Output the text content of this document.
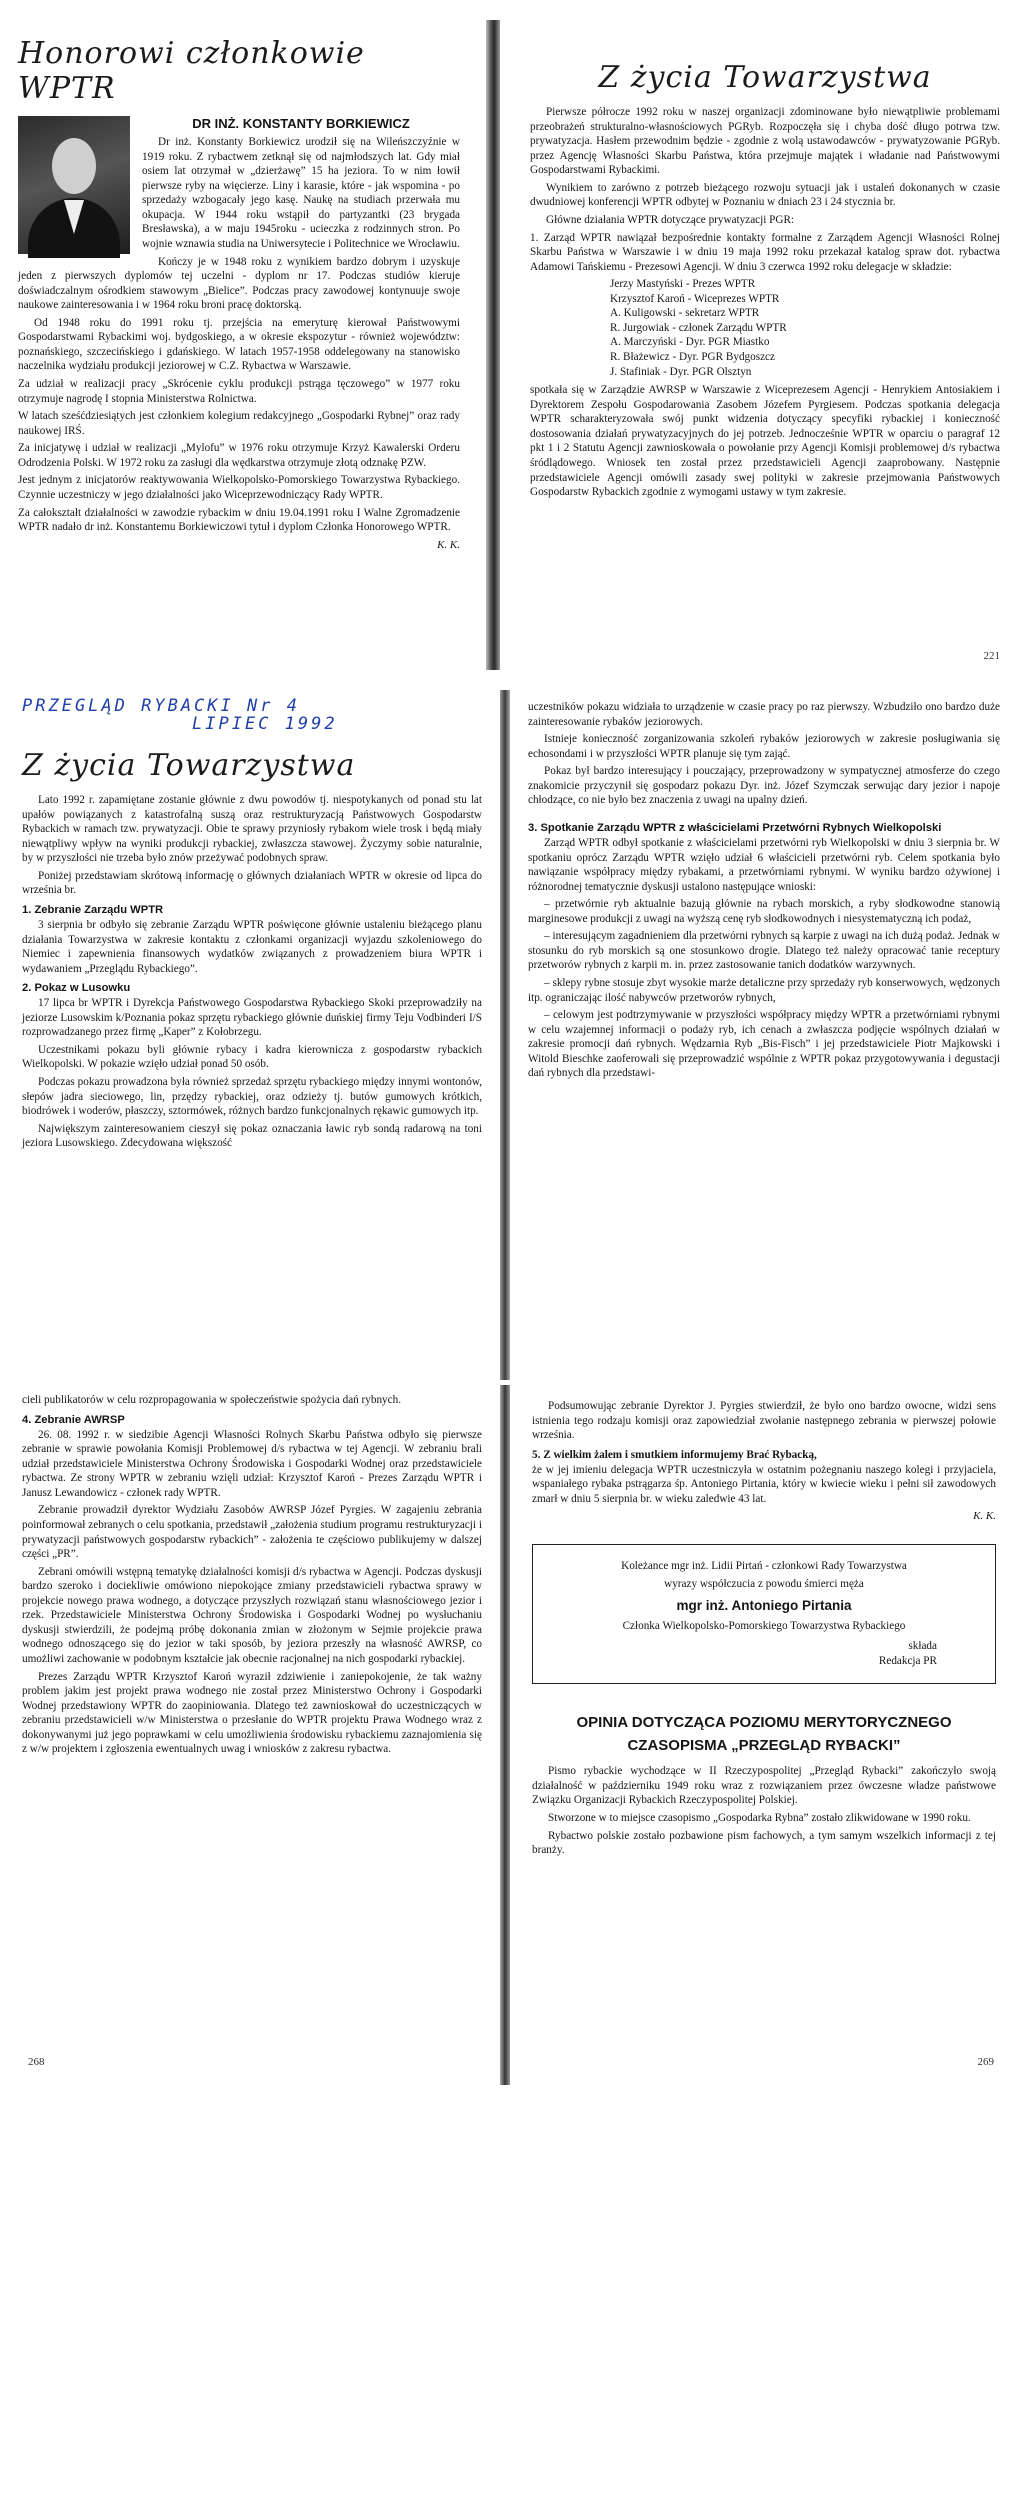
Honorowi członkowie WPTR
DR INŻ. KONSTANTY BORKIEWICZ

Dr inż. Konstanty Borkiewicz urodził się na Wileńszczyźnie w 1919 roku. Z rybactwem zetknął się od najmłodszych lat. Gdy miał osiem lat otrzymał w „dzierżawę” 15 ha jeziora. To w nim łowił pierwsze ryby na więcierze. Liny i karasie, które - jak wspomina - po sprzedaży wzbogacały jego kasę. Naukę na studiach przerwała mu okupacja. W 1944 roku wstąpił do partyzantki (23 brygada Bresławska), a w maju 1945roku - ucieczka z rodzinnych stron. Po wojnie wznawia studia na Uniwersytecie i Politechnice we Wrocławiu.

Kończy je w 1948 roku z wynikiem bardzo dobrym i uzyskuje jeden z pierwszych dyplomów tej uczelni - dyplom nr 17. Podczas studiów kieruje doświadczalnym ośrodkiem stawowym „Bielice”. Podczas pracy zawodowej kontynuuje swoje naukowe zainteresowania i w 1964 roku broni pracę doktorską.

Od 1948 roku do 1991 roku tj. przejścia na emeryturę kierował Państwowymi Gospodarstwami Rybackimi woj. bydgoskiego, a w okresie ekspozytur - również województw: poznańskiego, szczecińskiego i gdańskiego. W latach 1957-1958 oddelegowany na stanowisko naczelnika wydziału produkcji jeziorowej w C.Z. Rybactwa w Warszawie.

Za udział w realizacji pracy „Skrócenie cyklu produkcji pstrąga tęczowego” w 1977 roku otrzymuje nagrodę I stopnia Ministerstwa Rolnictwa.

W latach sześćdziesiątych jest członkiem kolegium redakcyjnego „Gospodarki Rybnej” oraz rady naukowej IRŚ.

Za inicjatywę i udział w realizacji „Mylofu” w 1976 roku otrzymuje Krzyż Kawalerski Orderu Odrodzenia Polski. W 1972 roku za zasługi dla wędkarstwa otrzymuje złotą odznakę PZW.

Jest jednym z inicjatorów reaktywowania Wielkopolsko-Pomorskiego Towarzystwa Rybackiego. Czynnie uczestniczy w jego działalności jako Wiceprzewodniczący Rady WPTR.

Za całokształt działalności w zawodzie rybackim w dniu 19.04.1991 roku I Walne Zgromadzenie WPTR nadało dr inż. Konstantemu Borkiewiczowi tytuł i dyplom Członka Honorowego WPTR.

K. K.
Z życia Towarzystwa

Pierwsze półrocze 1992 roku w naszej organizacji zdominowane było niewątpliwie problemami przeobrażeń strukturalno-własnościowych PGRyb. Rozpoczęła się i chyba dość długo potrwa tzw. prywatyzacja. Hasłem przewodnim będzie - zgodnie z wolą ustawodawców - prywatyzowanie PGRyb. przez Agencję Własności Skarbu Państwa, która przejmuje majątek i władanie nad Państwowymi Gospodarstwami Rybackimi.

Wynikiem to zarówno z potrzeb bieżącego rozwoju sytuacji jak i ustaleń dokonanych w czasie dwudniowej konferencji WPTR odbytej w Poznaniu w dniach 23 i 24 stycznia br.

Główne działania WPTR dotyczące prywatyzacji PGR:

1. Zarząd WPTR nawiązał bezpośrednie kontakty formalne z Zarządem Agencji Własności Rolnej Skarbu Państwa w Warszawie i w dniu 19 maja 1992 roku przekazał katalog spraw dot. rybactwa Adamowi Tańskiemu - Prezesowi Agencji. W dniu 3 czerwca 1992 roku delegacje w składzie:

Jerzy Mastyński - Prezes WPTR
Krzysztof Karoń - Wiceprezes WPTR
A. Kuligowski - sekretarz WPTR
R. Jurgowiak - członek Zarządu WPTR
A. Marczyński - Dyr. PGR Miastko
R. Błażewicz - Dyr. PGR Bydgoszcz
J. Stafiniak - Dyr. PGR Olsztyn

spotkała się w Zarządzie AWRSP w Warszawie z Wiceprezesem Agencji - Henrykiem Antosiakiem i Dyrektorem Zespołu Gospodarowania Zasobem Józefem Pyrgiesem. Podczas spotkania delegacja WPTR scharakteryzowała swój punkt widzenia dotyczący specyfiki rybackiej i konieczność dostosowania działań prywatyzacyjnych do jej potrzeb. Jednocześnie WPTR w oparciu o paragraf 12 pkt 1 i 2 Statutu Agencji zawnioskowała o powołanie przy Agencji Komisji problemowej d/s rybactwa śródlądowego. Wniosek ten został przez przedstawicieli Agencji zaaprobowany. Następnie przedstawiciele Agencji omówili zasady swej polityki w zakresie przejmowania Państwowych Gospodarstw Rybackich zgodnie z wymogami ustawy w tym zakresie.

221
PRZEGLĄD RYBACKI Nr 4
LIPIEC 1992
Z życia Towarzystwa

Lato 1992 r. zapamiętane zostanie głównie z dwu powodów tj. niespotykanych od ponad stu lat upałów powiązanych z katastrofalną suszą oraz restrukturyzacją Państwowych Gospodarstw Rybackich w ramach tzw. prywatyzacji. Obie te sprawy przyniosły rybakom wiele trosk i będą miały niewątpliwy wpływ na wyniki produkcji rybackiej, zwłaszcza stawowej. Życzymy sobie naturalnie, by w przyszłości nie trzeba było znów przeżywać podobnych spraw.

Poniżej przedstawiam skrótową informację o głównych działaniach WPTR w okresie od lipca do września br.

1. Zebranie Zarządu WPTR

3 sierpnia br odbyło się zebranie Zarządu WPTR poświęcone głównie ustaleniu bieżącego planu działania Towarzystwa w zakresie kontaktu z członkami organizacji wyjazdu szkoleniowego do Niemiec i zapewnienia finansowych wydatków związanych z prowadzeniem biura WPTR i wydawaniem „Przeglądu Rybackiego”.

2. Pokaz w Lusowku

17 lipca br WPTR i Dyrekcja Państwowego Gospodarstwa Rybackiego Skoki przeprowadziły na jeziorze Lusowskim k/Poznania pokaz sprzętu rybackiego głównie duńskiej firmy Teju Vodbinderi I/S rozprowadzanego przez firmę „Kaper” z Kołobrzegu.

Uczestnikami pokazu byli głównie rybacy i kadra kierownicza z gospodarstw rybackich Wielkopolski. W pokazie wzięło udział ponad 50 osób.

Podczas pokazu prowadzona była również sprzedaż sprzętu rybackiego między innymi wontonów, słepów jadra sieciowego, lin, przędzy rybackiej, oraz odzieży tj. butów gumowych krótkich, biodrówek i woderów, płaszczy, sztormówek, różnych bardzo funkcjonalnych rękawic gumowych itp.

Największym zainteresowaniem cieszył się pokaz oznaczania ławic ryb sondą radarową na toni jeziora Lusowskiego. Zdecydowana większość

uczestników pokazu widziała to urządzenie w czasie pracy po raz pierwszy. Wzbudziło ono bardzo duże zainteresowanie rybaków jeziorowych.

Istnieje konieczność zorganizowania szkoleń rybaków jeziorowych w zakresie posługiwania się echosondami i w przyszłości WPTR planuje się tym zająć.

Pokaz był bardzo interesujący i pouczający, przeprowadzony w sympatycznej atmosferze do czego znakomicie przyczynił się gospodarz pokazu Dyr. inż. Józef Szymczak serwując dary jezior i napoje chłodzące, co nie było bez znaczenia z uwagi na upalny dzień.

3. Spotkanie Zarządu WPTR z właścicielami Przetwórni Rybnych Wielkopolski

Zarząd WPTR odbył spotkanie z właścicielami przetwórni ryb Wielkopolski w dniu 3 sierpnia br. W spotkaniu oprócz Zarządu WPTR wzięło udział 6 właścicieli przetwórni ryb. Celem spotkania było nawiązanie współpracy między rybakami, a przetwórniami rybnymi. W wyniku bardzo ożywionej i różnorodnej tematycznie dyskusji ustalono następujące wnioski:

– przetwórnie ryb aktualnie bazują głównie na rybach morskich, a ryby słodkowodne stanowią marginesowe produkcji z uwagi na wyższą cenę ryb słodkowodnych i niesystematyczną ich podaż,

– interesującym zagadnieniem dla przetwórni rybnych są karpie z uwagi na ich dużą podaż. Jednak w stosunku do ryb morskich są one stosunkowo drogie. Dlatego też należy opracować tanie receptury przetworów rybnych z karpii m. in. przez zastosowanie tanich dodatków warzywnych.

– sklepy rybne stosuje zbyt wysokie marże detaliczne przy sprzedaży ryb konserwowych, wędzonych itp. ograniczając ilość nabywców przetworów rybnych,

– celowym jest podtrzymywanie w przyszłości współpracy między WPTR a przetwórniami rybnymi w celu wzajemnej informacji o podaży ryb, ich cenach a zwłaszcza podjęcie wspólnych działań w zakresie promocji dań rybnych. Wędzarnia Ryb „Bis-Fisch” i jej przedstawiciele Piotr Majkowski i Witold Bieschke zaoferowali się przeprowadzić wspólnie z WPTR pokaz przygotowywania i degustacji dań rybnych dla przedstawi-

cieli publikatorów w celu rozpropagowania w społeczeństwie spożycia dań rybnych.

4. Zebranie AWRSP

26. 08. 1992 r. w siedzibie Agencji Własności Rolnych Skarbu Państwa odbyło się pierwsze zebranie w sprawie powołania Komisji Problemowej d/s rybactwa w tej Agencji. W zebraniu brali udział przedstawiciele Ministerstwa Ochrony Środowiska i Gospodarki Wodnej oraz przedstawiciele rybactwa. Ze strony WPTR w zebraniu wzięli udział: Krzysztof Karoń - Prezes Zarządu WPTR i Janusz Lewandowicz - członek rady WPTR.

Zebranie prowadził dyrektor Wydziału Zasobów AWRSP Józef Pyrgies. W zagajeniu zebrania poinformował zebranych o celu spotkania, przedstawił „założenia studium programu restrukturyzacji i prywatyzacji państwowych gospodarstw rybackich” - założenia te częściowo publikujemy w dalszej części „PR”.

Zebrani omówili wstępną tematykę działalności komisji d/s rybactwa w Agencji. Podczas dyskusji bardzo szeroko i dociekliwie omówiono niepokojące zmiany przedstawicieli rybactwa sprawy w projekcie nowego prawa wodnego, a dotyczące przyszłych rozwiązań stanu własnościowego jezior i rzek. Przedstawiciele Ministerstwa Ochrony Środowiska i Gospodarki Wodnej po wysłuchaniu dyskusji stwierdzili, że podejmą próbę dokonania zmian w złożonym w Sejmie projekcie prawa wodnego odnoszącego się do jezior w taki sposób, by jeziora przeszły na własność AWRSP, co umożliwi zachowanie w podobnym kształcie jak obecnie racjonalnej na nich gospodarki rybackiej.

Prezes Zarządu WPTR Krzysztof Karoń wyraził zdziwienie i zaniepokojenie, że tak ważny problem jakim jest projekt prawa wodnego nie został przez Ministerstwo Ochrony i Gospodarki Wodnej przedstawiony WPTR do zaopiniowania. Dlatego też zawnioskował do uczestniczących w zebraniu przedstawicieli w/w Ministerstwa o przesłanie do WPTR projektu Prawa Wodnego wraz z dokonywanymi już jego poprawkami w celu umożliwienia środowisku rybackiemu zaznajomienia się z w/w projektem i zgłoszenia ewentualnych uwag i wniosków z zakresu rybactwa.

268

Podsumowując zebranie Dyrektor J. Pyrgies stwierdził, że było ono bardzo owocne, widzi sens istnienia tego rodzaju komisji oraz zapowiedział zwołanie następnego zebrania w pierwszej połowie września.

5. Z wielkim żalem i smutkiem informujemy Brać Rybacką,

że w jej imieniu delegacja WPTR uczestniczyła w ostatnim pożegnaniu naszego kolegi i przyjaciela, wspaniałego rybaka pstrągarza śp. Antoniego Pirtania, który w kwiecie wieku i pełni sił zawodowych zmarł w dniu 5 sierpnia br. w wieku zaledwie 43 lat.

K. K.

Koleżance mgr inż. Lidii Pirtań - członkowi Rady Towarzystwa

wyrazy współczucia z powodu śmierci męża

mgr inż. Antoniego Pirtania

Członka Wielkopolsko-Pomorskiego Towarzystwa Rybackiego

składa
Redakcja PR
OPINIA DOTYCZĄCA POZIOMU MERYTORYCZNEGO
CZASOPISMA „PRZEGLĄD RYBACKI”

Pismo rybackie wychodzące w II Rzeczypospolitej „Przegląd Rybacki” zakończyło swoją działalność w październiku 1949 roku wraz z rozwiązaniem przez ówczesne władze państwowe Związku Organizacji Rybackich Rzeczypospolitej Polskiej.

Stworzone w to miejsce czasopismo „Gospodarka Rybna” zostało zlikwidowane w 1990 roku.

Rybactwo polskie zostało pozbawione pism fachowych, a tym samym wszelkich informacji z tej branży.

269
